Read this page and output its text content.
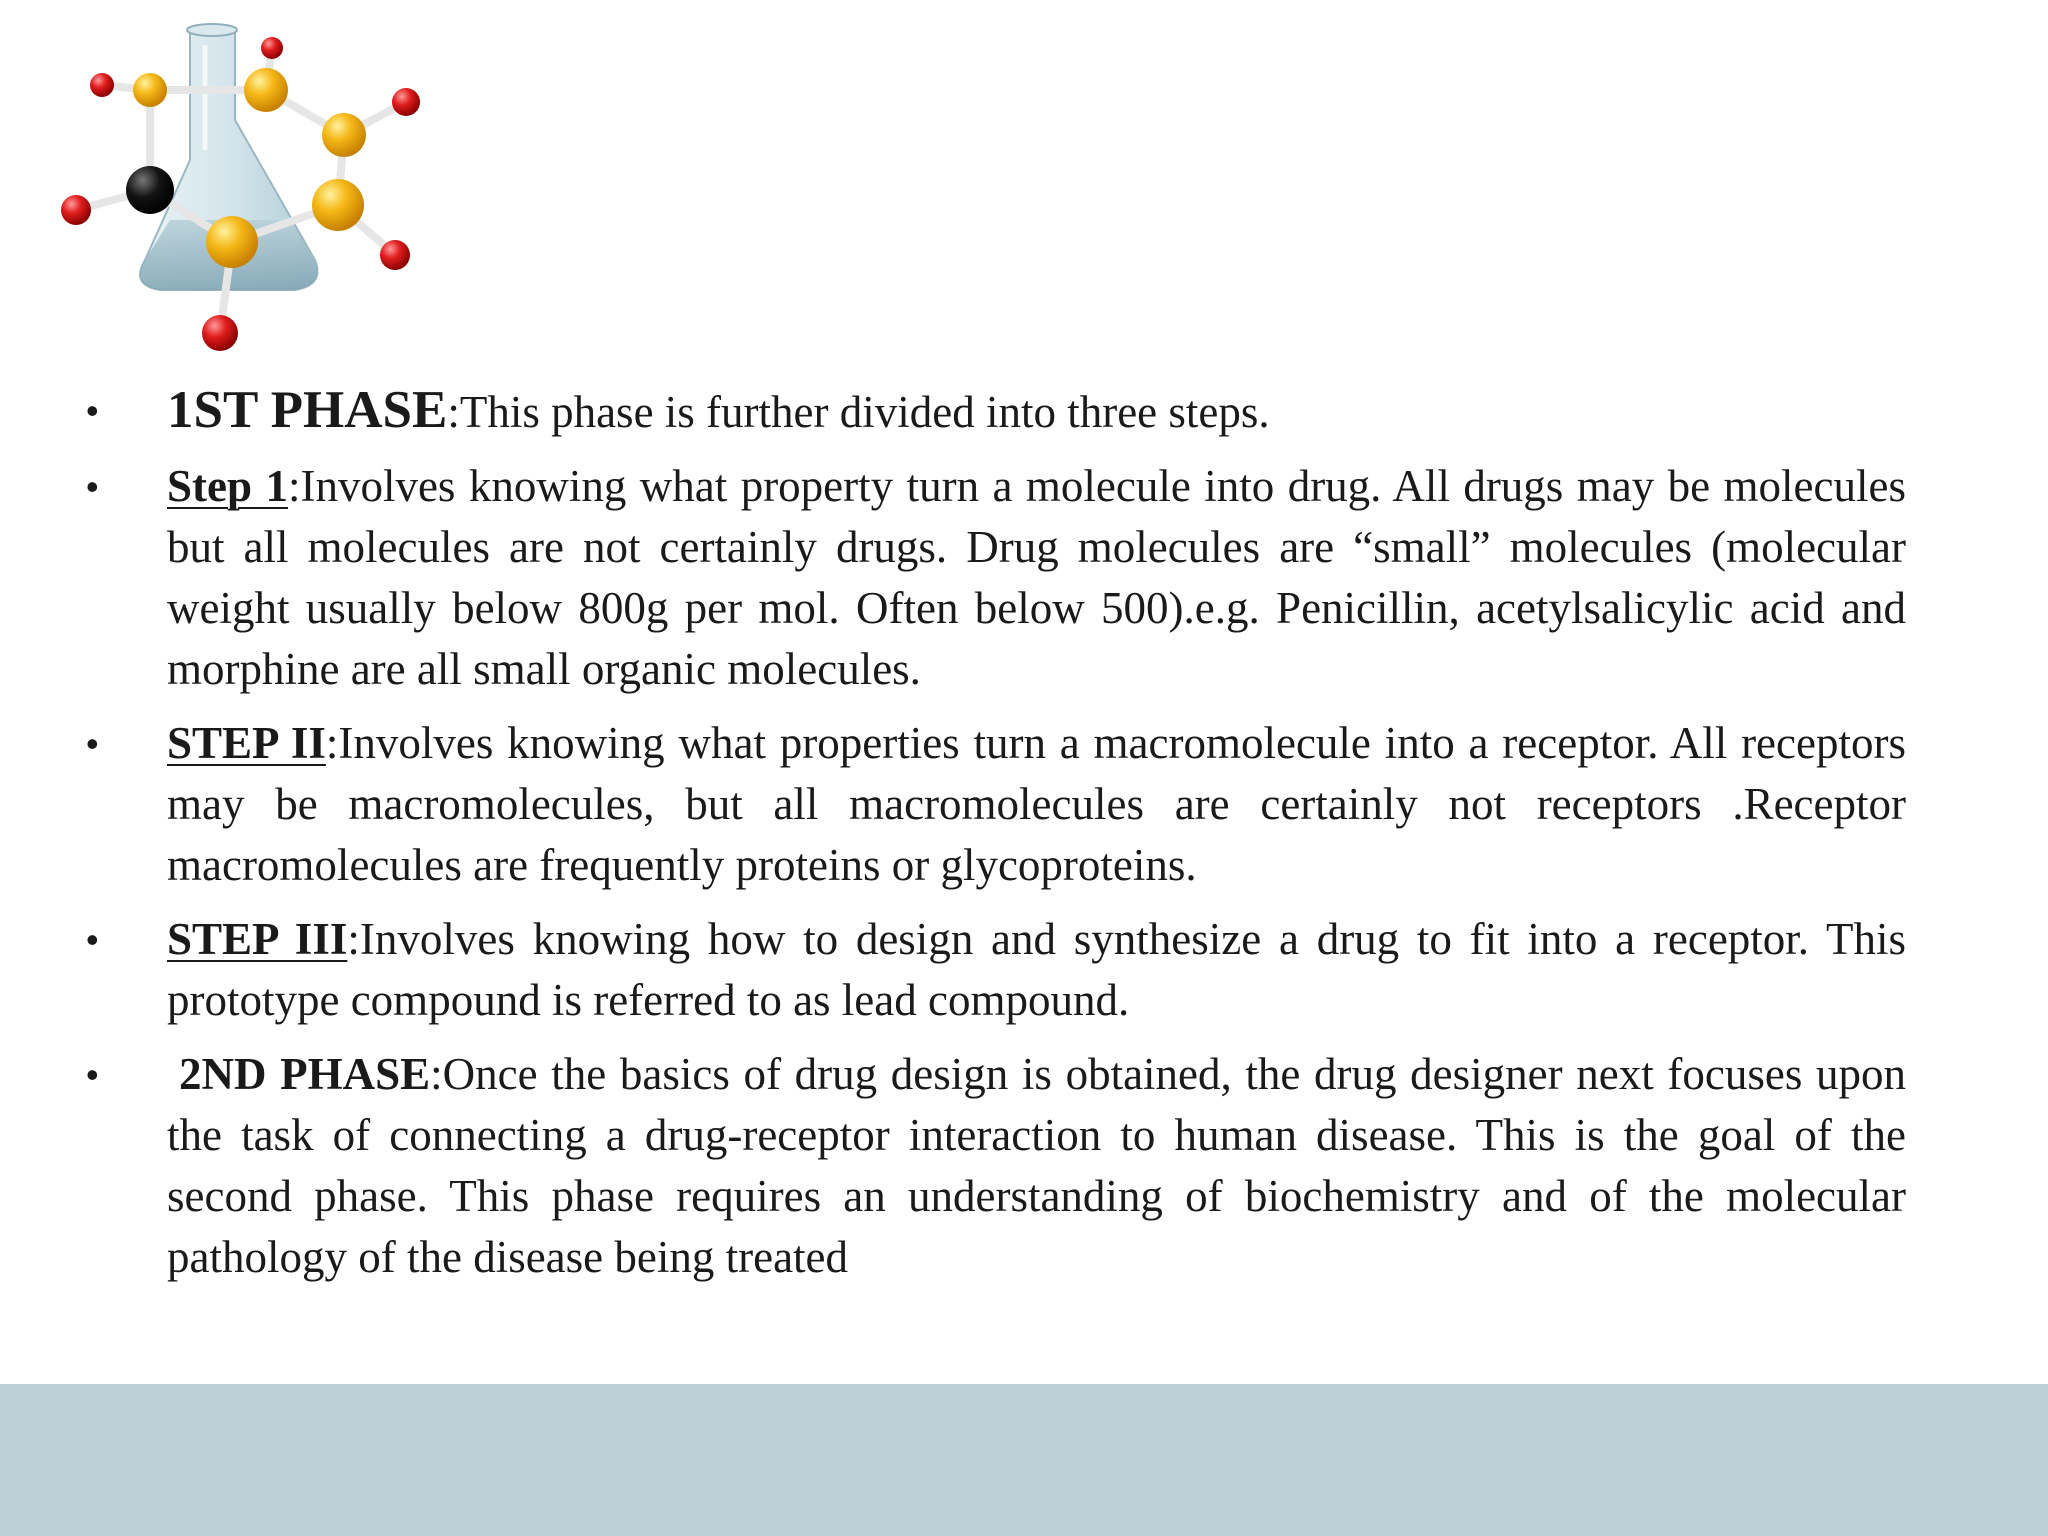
• 1ST PHASE:This phase is further divided into three steps.
• Step 1:Involves knowing what property turn a molecule into drug. All drugs may be molecules but all molecules are not certainly drugs. Drug molecules are “small” molecules (molecular weight usually below 800g per mol. Often below 500).e.g. Penicillin, acetylsalicylic acid and morphine are all small organic molecules.
• STEP II:Involves knowing what properties turn a macromolecule into a receptor. All receptors may be macromolecules, but all macromolecules are certainly not receptors .Receptor macromolecules are frequently proteins or glycoproteins.
• STEP III:Involves knowing how to design and synthesize a drug to fit into a receptor. This prototype compound is referred to as lead compound.
• 2ND PHASE:Once the basics of drug design is obtained, the drug designer next focuses upon the task of connecting a drug-receptor interaction to human disease. This is the goal of the second phase. This phase requires an understanding of biochemistry and of the molecular pathology of the disease being treated
